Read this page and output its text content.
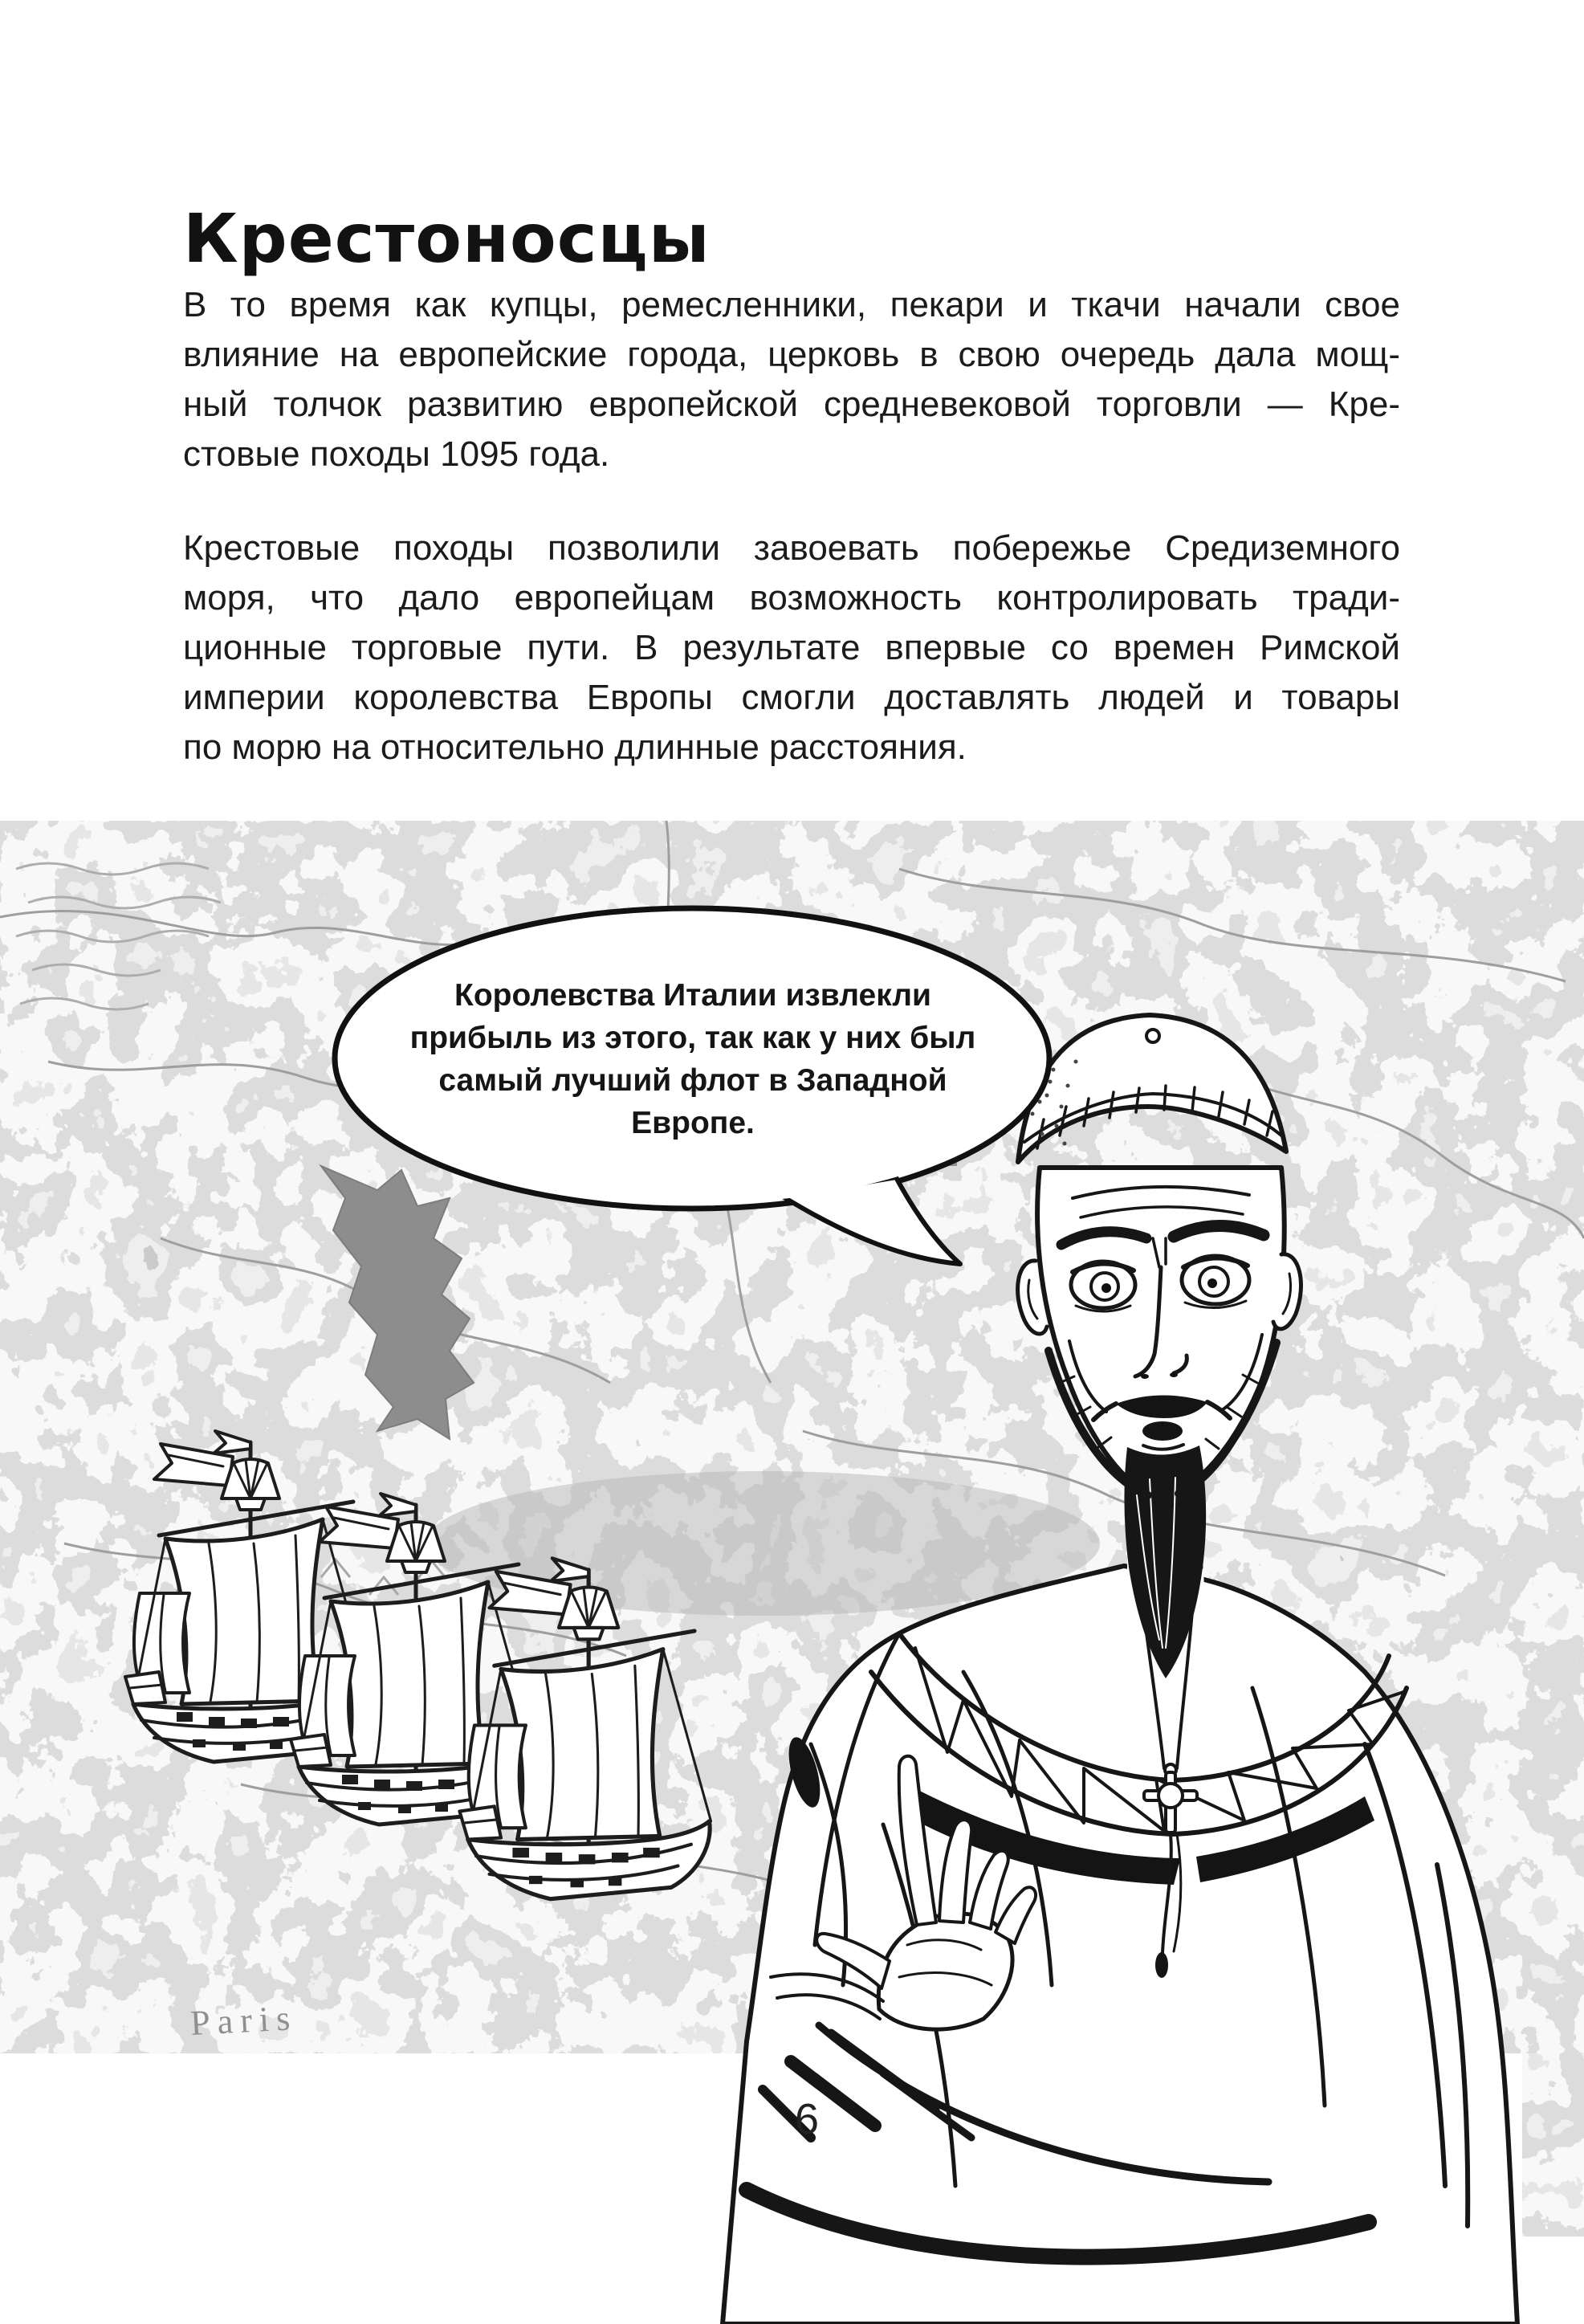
Крестоносцы
В то время как купцы, ремесленники, пекари и ткачи начали свое
влияние на европейские города, церковь в свою очередь дала мощ-
ный толчок развитию европейской средневековой торговли — Кре-
стовые походы 1095 года.
Крестовые походы позволили завоевать побережье Средиземного
моря, что дало европейцам возможность контролировать тради-
ционные торговые пути. В результате впервые со времен Римской
империи королевства Европы смогли доставлять людей и товары
по морю на относительно длинные расстояния.
Paris
Королевства Италии извлекли
прибыль из этого, так как у них был
самый лучший флот в Западной
Европе.
6
